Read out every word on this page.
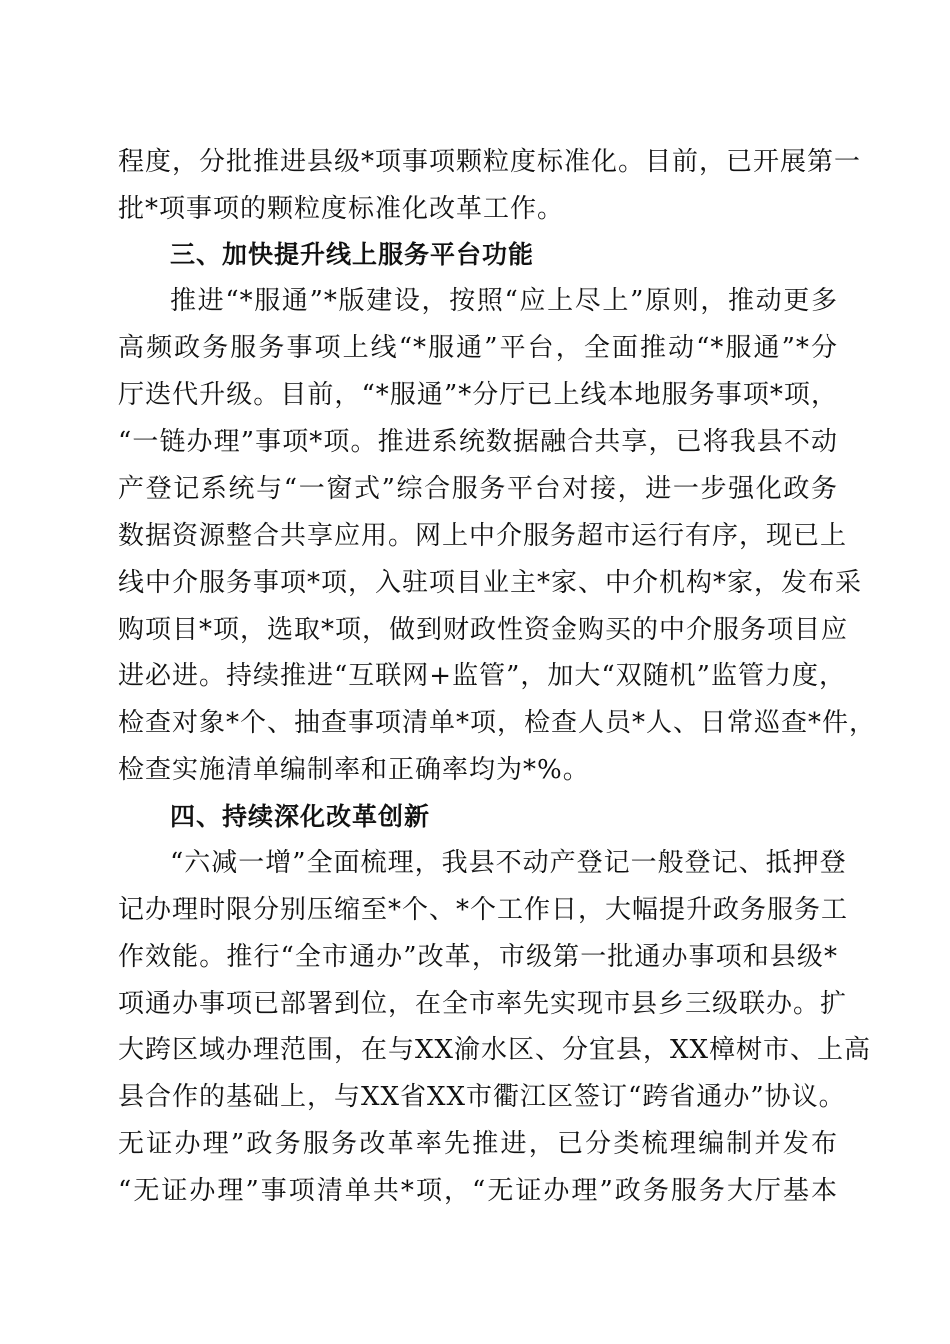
程度，分批推进县级*项事项颗粒度标准化。目前，已开展第一
批*项事项的颗粒度标准化改革工作。
三、加快提升线上服务平台功能
推进“*服通”*版建设，按照“应上尽上”原则，推动更多
高频政务服务事项上线“*服通”平台，全面推动“*服通”*分
厅迭代升级。目前，“*服通”*分厅已上线本地服务事项*项，
“一链办理”事项*项。推进系统数据融合共享，已将我县不动
产登记系统与“一窗式”综合服务平台对接，进一步强化政务
数据资源整合共享应用。网上中介服务超市运行有序，现已上
线中介服务事项*项，入驻项目业主*家、中介机构*家，发布采
购项目*项，选取*项，做到财政性资金购买的中介服务项目应
进必进。持续推进“互联网+监管”，加大“双随机”监管力度，
检查对象*个、抽查事项清单*项，检查人员*人、日常巡查*件，
检查实施清单编制率和正确率均为*%。
四、持续深化改革创新
“六减一增”全面梳理，我县不动产登记一般登记、抵押登
记办理时限分别压缩至*个、*个工作日，大幅提升政务服务工
作效能。推行“全市通办”改革，市级第一批通办事项和县级*
项通办事项已部署到位，在全市率先实现市县乡三级联办。扩
大跨区域办理范围，在与XX渝水区、分宜县，XX樟树市、上高
县合作的基础上，与XX省XX市衢江区签订“跨省通办”协议。
无证办理”政务服务改革率先推进，已分类梳理编制并发布
“无证办理”事项清单共*项，“无证办理”政务服务大厅基本
